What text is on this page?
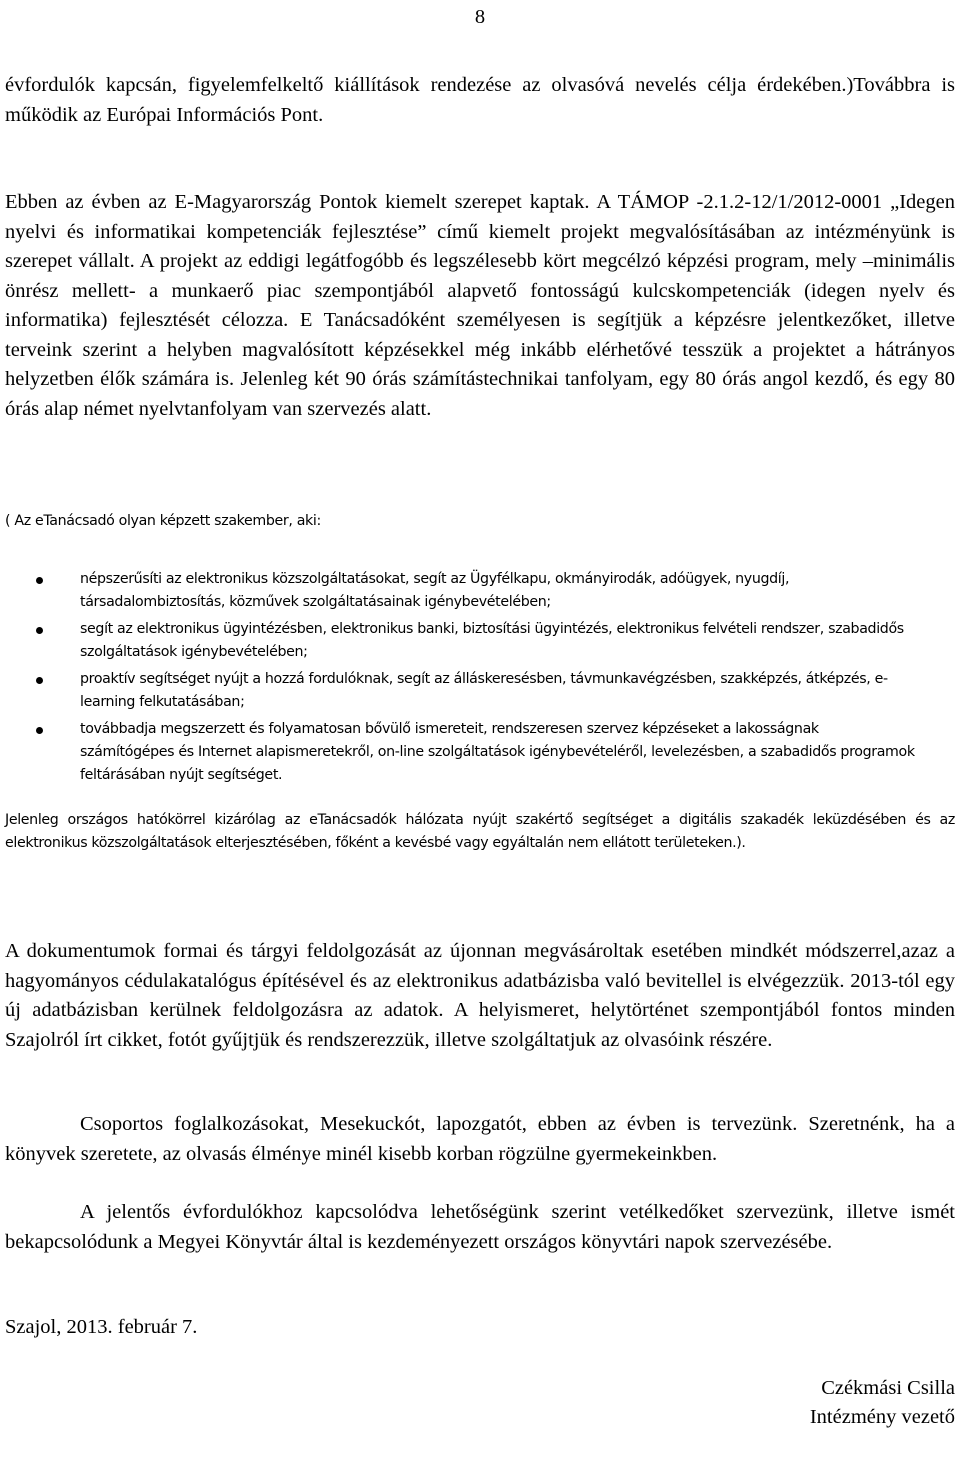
8

évfordulók kapcsán, figyelemfelkeltő kiállítások rendezése az olvasóvá nevelés célja érdekében.)Továbbra is működik az Európai Információs Pont.

Ebben az évben az E-Magyarország Pontok kiemelt szerepet kaptak. A TÁMOP -2.1.2-12/1/2012-0001 „Idegen nyelvi és informatikai kompetenciák fejlesztése” című kiemelt projekt megvalósításában az intézményünk is szerepet vállalt. A projekt az eddigi legátfogóbb és legszélesebb kört megcélzó képzési program, mely –minimális önrész mellett- a munkaerő piac szempontjából alapvető fontosságú kulcskompetenciák (idegen nyelv és informatika) fejlesztését célozza. E Tanácsadóként személyesen is segítjük a képzésre jelentkezőket, illetve terveink szerint a helyben magvalósított képzésekkel még inkább elérhetővé tesszük a projektet a hátrányos helyzetben élők számára is. Jelenleg két 90 órás számítástechnikai tanfolyam, egy 80 órás angol kezdő, és egy 80 órás alap német nyelvtanfolyam van szervezés alatt.

( Az eTanácsadó olyan képzett szakember, aki:

népszerűsíti az elektronikus közszolgáltatásokat, segít az Ügyfélkapu, okmányirodák, adóügyek, nyugdíj, társadalombiztosítás, közművek szolgáltatásainak igénybevételében;
segít az elektronikus ügyintézésben, elektronikus banki, biztosítási ügyintézés, elektronikus felvételi rendszer, szabadidős szolgáltatások igénybevételében;
proaktív segítséget nyújt a hozzá fordulóknak, segít az álláskeresésben, távmunkavégzésben, szakképzés, átképzés, e-learning felkutatásában;
továbbadja megszerzett és folyamatosan bővülő ismereteit, rendszeresen szervez képzéseket a lakosságnak számítógépes és Internet alapismeretekről, on-line szolgáltatások igénybevételéről, levelezésben, a szabadidős programok feltárásában nyújt segítséget.

Jelenleg országos hatókörrel kizárólag az eTanácsadók hálózata nyújt szakértő segítséget a digitális szakadék leküzdésében és az elektronikus közszolgáltatások elterjesztésében, főként a kevésbé vagy egyáltalán nem ellátott területeken.).

A dokumentumok formai és tárgyi feldolgozását az újonnan megvásároltak esetében mindkét módszerrel,azaz a hagyományos cédulakatalógus építésével és az elektronikus adatbázisba való bevitellel is elvégezzük. 2013-tól egy új adatbázisban kerülnek feldolgozásra az adatok. A helyismeret, helytörténet szempontjából fontos minden Szajolról írt cikket, fotót gyűjtjük és rendszerezzük, illetve szolgáltatjuk az olvasóink részére.

Csoportos foglalkozásokat, Mesekuckót, lapozgatót, ebben az évben is tervezünk. Szeretnénk, ha a könyvek szeretete, az olvasás élménye minél kisebb korban rögzülne gyermekeinkben.

A jelentős évfordulókhoz kapcsolódva lehetőségünk szerint vetélkedőket szervezünk, illetve ismét bekapcsolódunk a Megyei Könyvtár által is kezdeményezett országos könyvtári napok szervezésébe.

Szajol, 2013. február 7.

Czékmási Csilla
Intézmény vezető
